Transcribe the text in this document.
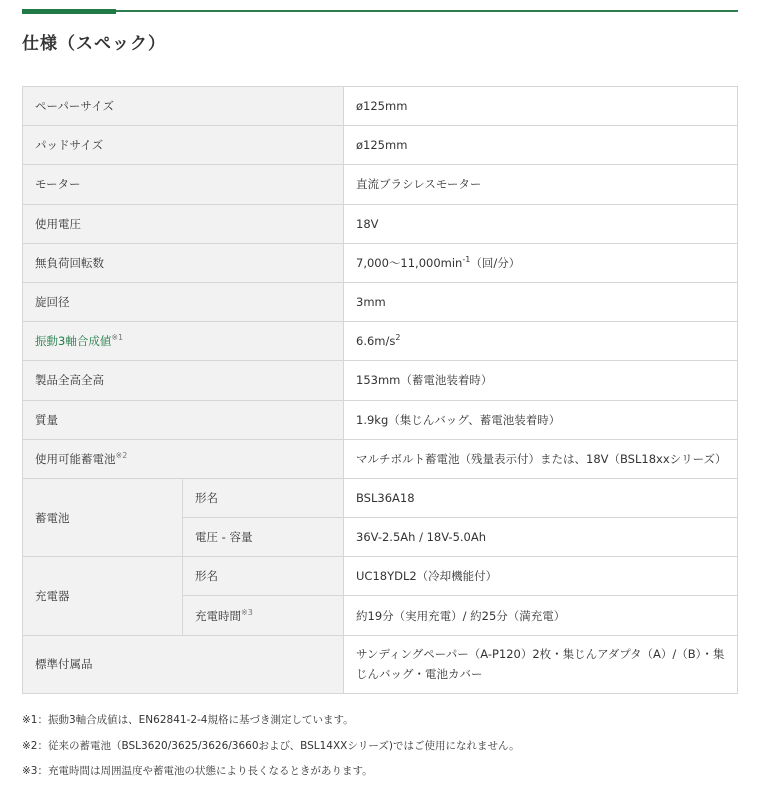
仕様（スペック）
ペーパーサイズ		ø125mm
パッドサイズ		ø125mm
モーター		直流ブラシレスモーター
使用電圧		18V
無負荷回転数		$7,000\sim 11,000\min^{-1}$（回/分）
旋回径		3mm
振動3軸合成値$^{※1}$		$6.6m/s^2$
製品全高全高		153mm（蓄電池装着時）
質量		1.9kg（集じんバッグ、蓄電池装着時）
使用可能蓄電池$^{※2}$		マルチボルト蓄電池（残量表示付）または、18V（BSL18xxシリーズ）
蓄電池	形名	BSL36A18
	電圧 - 容量	36V-2.5Ah / 18V-5.0Ah
充電器	形名	UC18YDL2（冷却機能付）
	充電時間$^{※3}$	約19分（実用充電）/ 約25分（満充電）
標準付属品		サンディングペーパー（A-P120）2枚・集じんアダプタ（A）/（B）・集
じんバッグ・電池カバー

※1：振動3軸合成値は、EN62841-2-4規格に基づき測定しています。

※2：従来の蓄電池（BSL3620/3625/3626/3660および、BSL14XXシリーズ)ではご使用になれません。

※3：充電時間は周囲温度や蓄電池の状態により長くなるときがあります。
